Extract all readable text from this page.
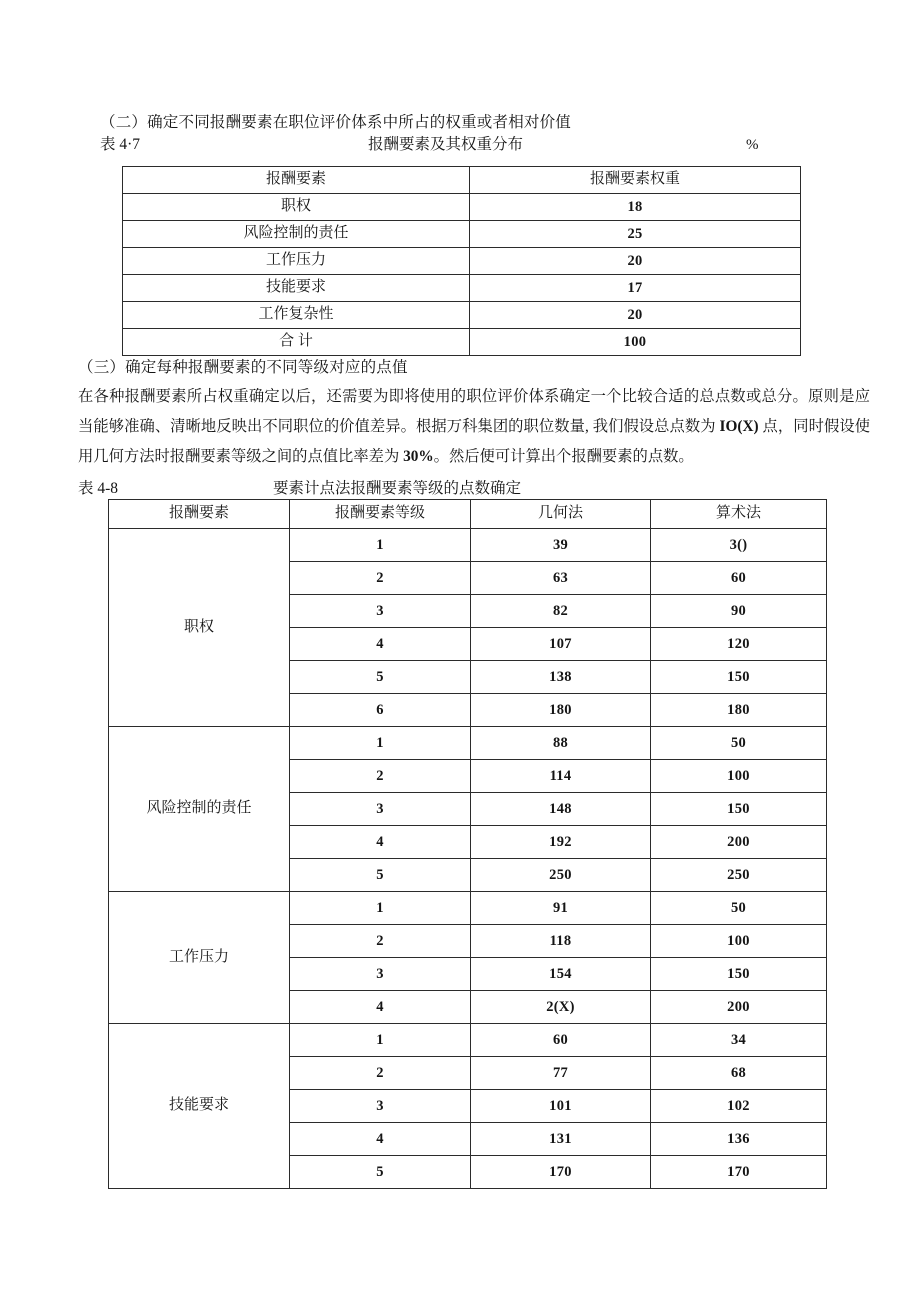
（二）确定不同报酬要素在职位评价体系中所占的权重或者相对价值
表 4·7	报酬要素及其权重分布	%
报酬要素	报酬要素权重
职权	18
风险控制的责任	25
工作压力	20
技能要求	17
工作复杂性	20
合 计	100
（三）确定每种报酬要素的不同等级对应的点值
在各种报酬要素所占权重确定以后，还需要为即将使用的职位评价体系确定一个比较合适的总点数或总分。原则是应当能够准确、清晰地反映出不同职位的价值差异。根据万科集团的职位数量, 我们假设总点数为 IO(X) 点，同时假设使用几何方法时报酬要素等级之间的点值比率差为 30%。然后便可计算出个报酬要素的点数。
表 4-8	要素计点法报酬要素等级的点数确定
报酬要素	报酬要素等级	几何法	算术法
职权	1	39	3()
	2	63	60
	3	82	90
	4	107	120
	5	138	150
	6	180	180
风险控制的责任	1	88	50
	2	114	100
	3	148	150
	4	192	200
	5	250	250
工作压力	1	91	50
	2	118	100
	3	154	150
	4	2(X)	200
技能要求	1	60	34
	2	77	68
	3	101	102
	4	131	136
	5	170	170
